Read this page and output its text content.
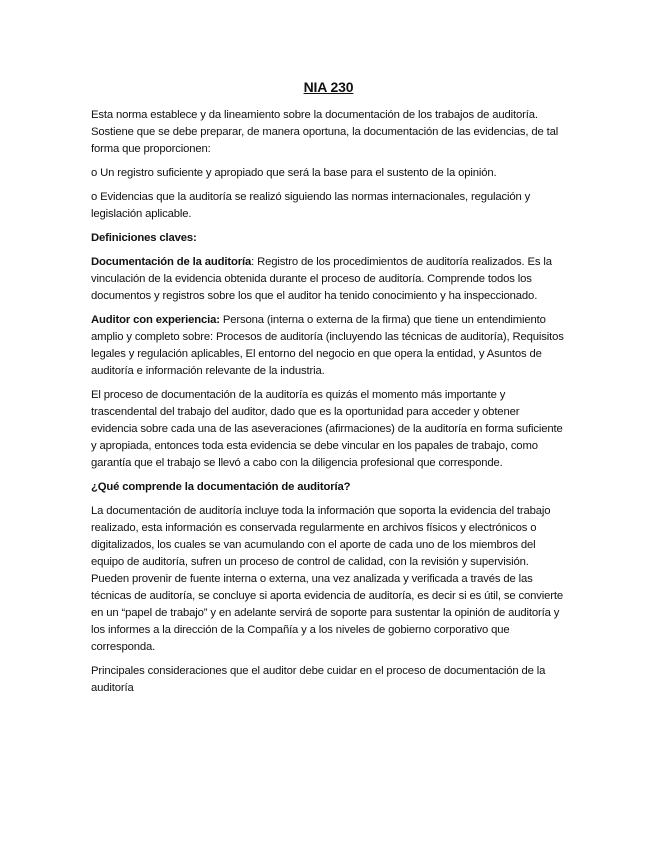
NIA 230

Esta norma establece y da lineamiento sobre la documentación de los trabajos de auditoría. Sostiene que se debe preparar, de manera oportuna, la documentación de las evidencias, de tal forma que proporcionen:

o Un registro suficiente y apropiado que será la base para el sustento de la opinión.

o Evidencias que la auditoría se realizó siguiendo las normas internacionales, regulación y legislación aplicable.

Definiciones claves:

Documentación de la auditoría: Registro de los procedimientos de auditoría realizados. Es la vinculación de la evidencia obtenida durante el proceso de auditoría. Comprende todos los documentos y registros sobre los que el auditor ha tenido conocimiento y ha inspeccionado.

Auditor con experiencia: Persona (interna o externa de la firma) que tiene un entendimiento amplio y completo sobre: Procesos de auditoría (incluyendo las técnicas de auditoría), Requisitos legales y regulación aplicables, El entorno del negocio en que opera la entidad, y Asuntos de auditoría e información relevante de la industria.

El proceso de documentación de la auditoría es quizás el momento más importante y trascendental del trabajo del auditor, dado que es la oportunidad para acceder y obtener evidencia sobre cada una de las aseveraciones (afirmaciones) de la auditoría en forma suficiente y apropiada, entonces toda esta evidencia se debe vincular en los papales de trabajo, como garantía que el trabajo se llevó a cabo con la diligencia profesional que corresponde.

¿Qué comprende la documentación de auditoría?

La documentación de auditoría incluye toda la información que soporta la evidencia del trabajo realizado, esta información es conservada regularmente en archivos físicos y electrónicos o digitalizados, los cuales se van acumulando con el aporte de cada uno de los miembros del equipo de auditoría, sufren un proceso de control de calidad, con la revisión y supervisión. Pueden provenir de fuente interna o externa, una vez analizada y verificada a través de las técnicas de auditoría, se concluye si aporta evidencia de auditoría, es decir si es útil, se convierte en un “papel de trabajo” y en adelante servirá de soporte para sustentar la opinión de auditoría y los informes a la dirección de la Compañía y a los niveles de gobierno corporativo que corresponda.

Principales consideraciones que el auditor debe cuidar en el proceso de documentación de la auditoría
